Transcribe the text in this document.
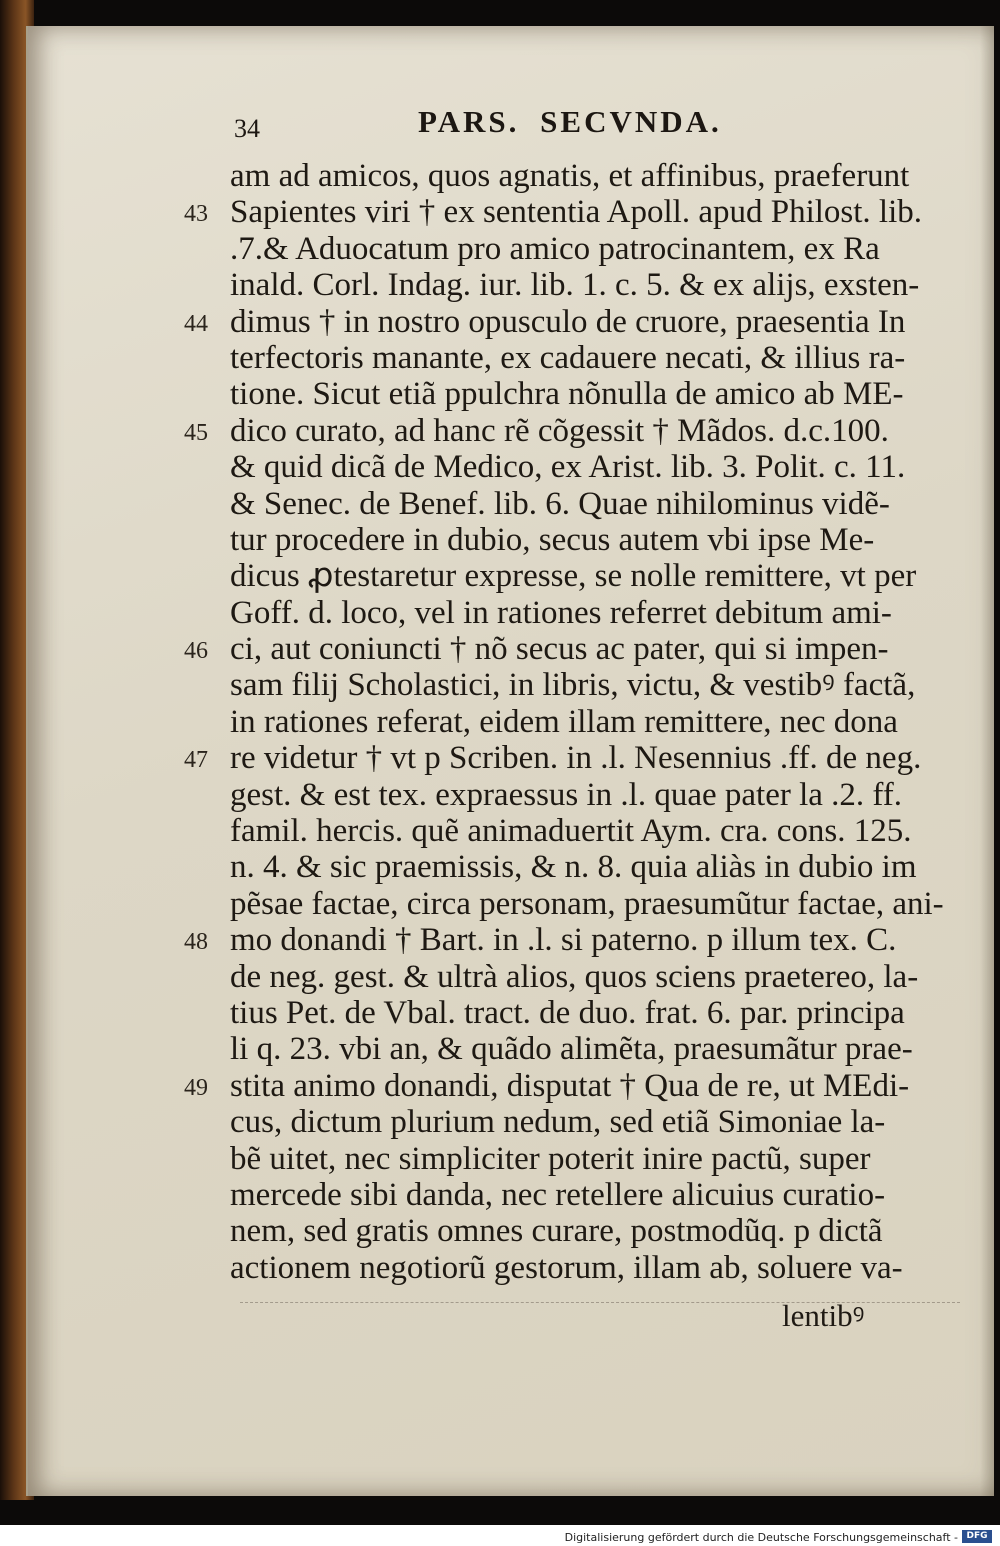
34	PARS. SECVNDA.
am ad amicos, quos agnatis, et affinibus, praeferunt
43 Sapientes viri † ex sententia Apoll. apud Philost. lib.
.7.& Aduocatum pro amico patrocinantem, ex Ra
inald. Corl. Indag. iur. lib. 1. c. 5. & ex alijs, exsten-
44 dimus † in nostro opusculo de cruore, praesentia In
terfectoris manante, ex cadauere necati, & illius ra-
tione. Sicut etiã ppulchra nõnulla de amico ab ME-
45 dico curato, ad hanc rẽ cõgessit † Mãdos. d.c.100.
& quid dicã de Medico, ex Arist. lib. 3. Polit. c. 11.
& Senec. de Benef. lib. 6. Quae nihilominus vidẽ-
tur procedere in dubio, secus autem vbi ipse Me-
dicus ꝓtestaretur expresse, se nolle remittere, vt per
Goff. d. loco, vel in rationes referret debitum ami-
46 ci, aut coniuncti † nõ secus ac pater, qui si impen-
sam filij Scholastici, in libris, victu, & vestibꝰ factã,
in rationes referat, eidem illam remittere, nec dona
47 re videtur † vt p Scriben. in .l. Nesennius .ff. de neg.
gest. & est tex. expraessus in .l. quae pater la .2. ff.
famil. hercis. quẽ animaduertit Aym. cra. cons. 125.
n. 4. & sic praemissis, & n. 8. quia aliàs in dubio im
pẽsae factae, circa personam, praesumũtur factae, ani-
48 mo donandi † Bart. in .l. si paterno. p illum tex. C.
de neg. gest. & ultrà alios, quos sciens praetereo, la-
tius Pet. de Vbal. tract. de duo. frat. 6. par. principa
li q. 23. vbi an, & quãdo alimẽta, praesumãtur prae-
49 stita animo donandi, disputat † Qua de re, ut MEdi-
cus, dictum plurium nedum, sed etiã Simoniae la-
bẽ uitet, nec simpliciter poterit inire pactũ, super
mercede sibi danda, nec retellere alicuius curatio-
nem, sed gratis omnes curare, postmodũq. p dictã
actionem negotiorũ gestorum, illam ab, soluere va-
lentibꝰ
Digitalisierung gefördert durch die Deutsche Forschungsgemeinschaft - DFG
